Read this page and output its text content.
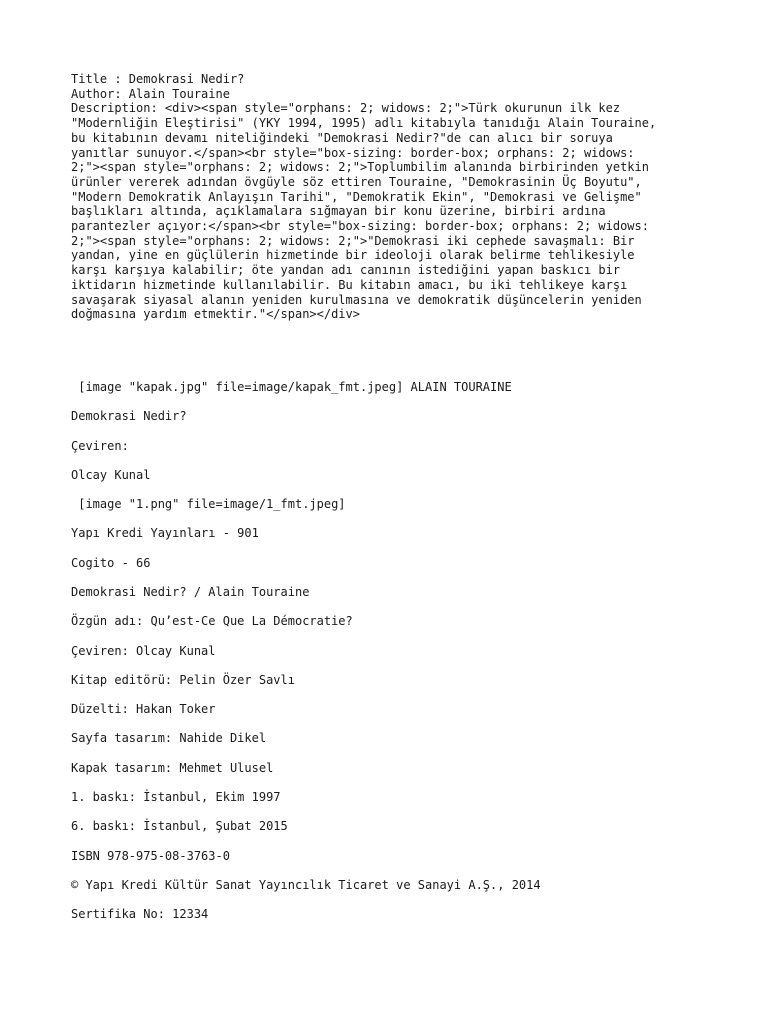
Title : Demokrasi Nedir?
Author: Alain Touraine
Description: <div><span style="orphans: 2; widows: 2;">Türk okurunun ilk kez
"Modernliğin Eleştirisi" (YKY 1994, 1995) adlı kitabıyla tanıdığı Alain Touraine,
bu kitabının devamı niteliğindeki "Demokrasi Nedir?"de can alıcı bir soruya
yanıtlar sunuyor.</span><br style="box-sizing: border-box; orphans: 2; widows:
2;"><span style="orphans: 2; widows: 2;">Toplumbilim alanında birbirinden yetkin
ürünler vererek adından övgüyle söz ettiren Touraine, "Demokrasinin Üç Boyutu",
"Modern Demokratik Anlayışın Tarihi", "Demokratik Ekin", "Demokrasi ve Gelişme"
başlıkları altında, açıklamalara sığmayan bir konu üzerine, birbiri ardına
parantezler açıyor:</span><br style="box-sizing: border-box; orphans: 2; widows:
2;"><span style="orphans: 2; widows: 2;">"Demokrasi iki cephede savaşmalı: Bir
yandan, yine en güçlülerin hizmetinde bir ideoloji olarak belirme tehlikesiyle
karşı karşıya kalabilir; öte yandan adı canının istediğini yapan baskıcı bir
iktidarın hizmetinde kullanılabilir. Bu kitabın amacı, bu iki tehlikeye karşı
savaşarak siyasal alanın yeniden kurulmasına ve demokratik düşüncelerin yeniden
doğmasına yardım etmektir."</span></div>
[image "kapak.jpg" file=image/kapak_fmt.jpeg] ALAIN TOURAINE
Demokrasi Nedir?
Çeviren:
Olcay Kunal
[image "1.png" file=image/1_fmt.jpeg]
Yapı Kredi Yayınları - 901
Cogito - 66
Demokrasi Nedir? / Alain Touraine
Özgün adı: Qu’est-Ce Que La Démocratie?
Çeviren: Olcay Kunal
Kitap editörü: Pelin Özer Savlı
Düzelti: Hakan Toker
Sayfa tasarım: Nahide Dikel
Kapak tasarım: Mehmet Ulusel
1. baskı: İstanbul, Ekim 1997
6. baskı: İstanbul, Şubat 2015
ISBN 978-975-08-3763-0
© Yapı Kredi Kültür Sanat Yayıncılık Ticaret ve Sanayi A.Ş., 2014
Sertifika No: 12334
